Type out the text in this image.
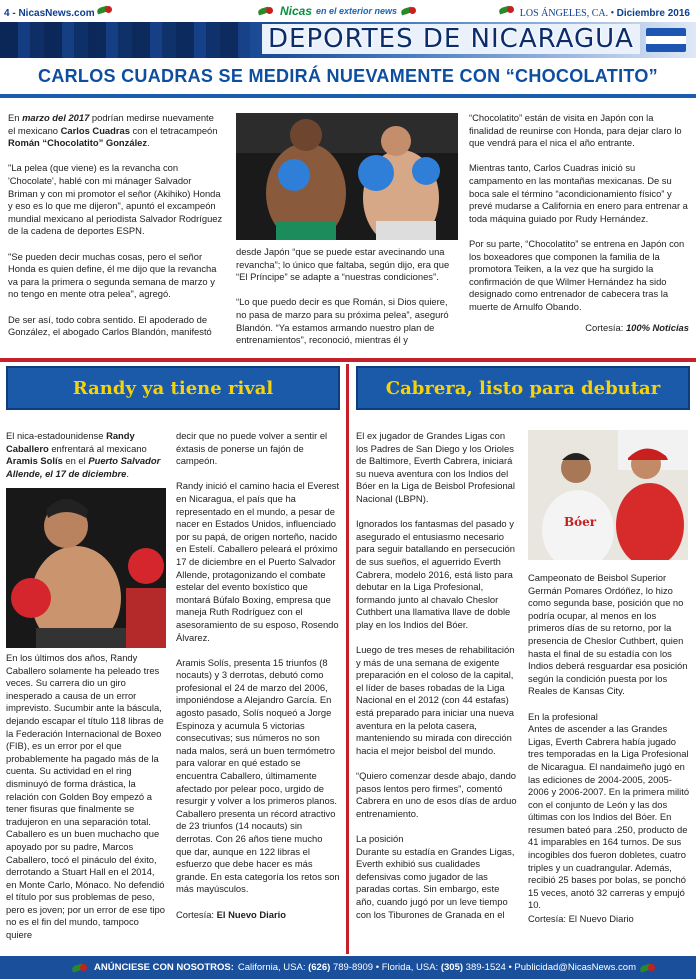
4 - NicasNews.com	Nicas en el exterior news	LOS ÁNGELES, CA. • Diciembre 2016
DEPORTES DE NICARAGUA
CARLOS CUADRAS SE MEDIRÁ NUEVAMENTE CON “CHOCOLATITO”

En marzo del 2017 podrían medirse nuevamente el mexicano Carlos Cuadras con el tetracampeón Román “Chocolatito” González.

"La pelea (que viene) es la revancha con 'Chocolate', hablé con mi mánager Salvador Briman y con mi promotor el señor (Akihiko) Honda y eso es lo que me dijeron", apuntó el excampeón mundial mexicano al periodista Salvador Rodríguez de la cadena de deportes ESPN.

"Se pueden decir muchas cosas, pero el señor Honda es quien define, él me dijo que la revancha va para la primera o segunda semana de marzo y no tengo en mente otra pelea", agregó.

De ser así, todo cobra sentido. El apoderado de González, el abogado Carlos Blandón, manifestó

desde Japón “que se puede estar avecinando una revancha”; lo único que faltaba, según dijo, era que “El Príncipe” se adapte a “nuestras condiciones”.

“Lo que puedo decir es que Román, si Dios quiere, no pasa de marzo para su próxima pelea”, aseguró Blandón. “Ya estamos armando nuestro plan de entrenamientos”, reconoció, mientras él y

“Chocolatito” están de visita en Japón con la finalidad de reunirse con Honda, para dejar claro lo que vendrá para el nica el año entrante.

Mientras tanto, Carlos Cuadras inició su campamento en las montañas mexicanas. De su boca sale el término “acondicionamiento físico” y prevé mudarse a California en enero para entrenar a toda máquina guiado por Rudy Hernández.

Por su parte, “Chocolatito” se entrena en Japón con los boxeadores que componen la familia de la promotora Teiken, a la vez que ha surgido la confirmación de que Wilmer Hernández ha sido designado como entrenador de cabecera tras la muerte de Arnulfo Obando.

Cortesía: 100% Noticias

Randy ya tiene rival

El nica-estadounidense Randy Caballero enfrentará al mexicano Aramis Solís en el Puerto Salvador Allende, el 17 de diciembre.

En los últimos dos años, Randy Caballero solamente ha peleado tres veces. Su carrera dio un giro inesperado a causa de un error imprevisto. Sucumbir ante la báscula, dejando escapar el título 118 libras de la Federación Internacional de Boxeo (FIB), es un error por el que probablemente ha pagado más de la cuenta. Su actividad en el ring disminuyó de forma drástica, la relación con Golden Boy empezó a tener fisuras que finalmente se tradujeron en una separación total. Caballero es un buen muchacho que apoyado por su padre, Marcos Caballero, tocó el pináculo del éxito, derrotando a Stuart Hall en el 2014, en Monte Carlo, Mónaco. No defendió el título por sus problemas de peso, pero es joven; por un error de ese tipo no es el fin del mundo, tampoco quiere

decir que no puede volver a sentir el éxtasis de ponerse un fajón de campeón.

Randy inició el camino hacia el Everest en Nicaragua, el país que ha representado en el mundo, a pesar de nacer en Estados Unidos, influenciado por su papá, de origen norteño, nacido en Estelí. Caballero peleará el próximo 17 de diciembre en el Puerto Salvador Allende, protagonizando el combate estelar del evento boxístico que montará Búfalo Boxing, empresa que maneja Ruth Rodríguez con el asesoramiento de su esposo, Rosendo Álvarez.

Aramis Solís, presenta 15 triunfos (8 nocauts) y 3 derrotas, debutó como profesional el 24 de marzo del 2006, imponiéndose a Alejandro García. En agosto pasado, Solís noqueó a Jorge Espinoza y acumula 5 victorias consecutivas; sus números no son nada malos, será un buen termómetro para valorar en qué estado se encuentra Caballero, últimamente afectado por pelear poco, urgido de resurgir y volver a los primeros planos. Caballero presenta un récord atractivo de 23 triunfos (14 nocauts) sin derrotas. Con 26 años tiene mucho que dar, aunque en 122 libras el esfuerzo que debe hacer es más grande. En esta categoría los retos son más mayúsculos.

Cortesía: El Nuevo Diario

Cabrera, listo para debutar

El ex jugador de Grandes Ligas con los Padres de San Diego y los Orioles de Baltimore, Everth Cabrera, iniciará su nueva aventura con los Indios del Bóer en la Liga de Beisbol Profesional Nacional (LBPN).

Ignorados los fantasmas del pasado y asegurado el entusiasmo necesario para seguir batallando en persecución de sus sueños, el aguerrido Everth Cabrera, modelo 2016, está listo para debutar en la Liga Profesional, formando junto al chavalo Cheslor Cuthbert una llamativa llave de doble play en los Indios del Bóer.

Luego de tres meses de rehabilitación y más de una semana de exigente preparación en el coloso de la capital, el líder de bases robadas de la Liga Nacional en el 2012 (con 44 estafas) está preparado para iniciar una nueva aventura en la pelota casera, manteniendo su mirada con dirección hacia el mejor beisbol del mundo.

“Quiero comenzar desde abajo, dando pasos lentos pero firmes”, comentó Cabrera en uno de esos días de arduo entrenamiento.

La posición
Durante su estadía en Grandes Ligas, Everth exhibió sus cualidades defensivas como jugador de las paradas cortas. Sin embargo, este año, cuando jugó por un leve tiempo con los Tiburones de Granada en el

Bóer

Campeonato de Beisbol Superior Germán Pomares Ordóñez, lo hizo como segunda base, posición que no podría ocupar, al menos en los primeros días de su retorno, por la presencia de Cheslor Cuthbert, quien hasta el final de su estadía con los Indios deberá resguardar esa posición según la condición puesta por los Reales de Kansas City.

En la profesional
Antes de ascender a las Grandes Ligas, Everth Cabrera había jugado tres temporadas en la Liga Profesional de Nicaragua. El nandaimeño jugó en las ediciones de 2004-2005, 2005-2006 y 2006-2007. En la primera militó con el conjunto de León y las dos últimas con los Indios del Bóer. En resumen bateó para .250, producto de 41 imparables en 164 turnos. De sus incogibles dos fueron dobletes, cuatro triples y un cuadrangular. Además, recibió 25 bases por bolas, se ponchó 15 veces, anotó 32 carreras y empujó 10.

Cortesía: El Nuevo Diario

ANÚNCIESE CON NOSOTROS: California, USA: (626) 789-8909
• Florida, USA: (305) 389-1524
• Publicidad@NicasNews.com
